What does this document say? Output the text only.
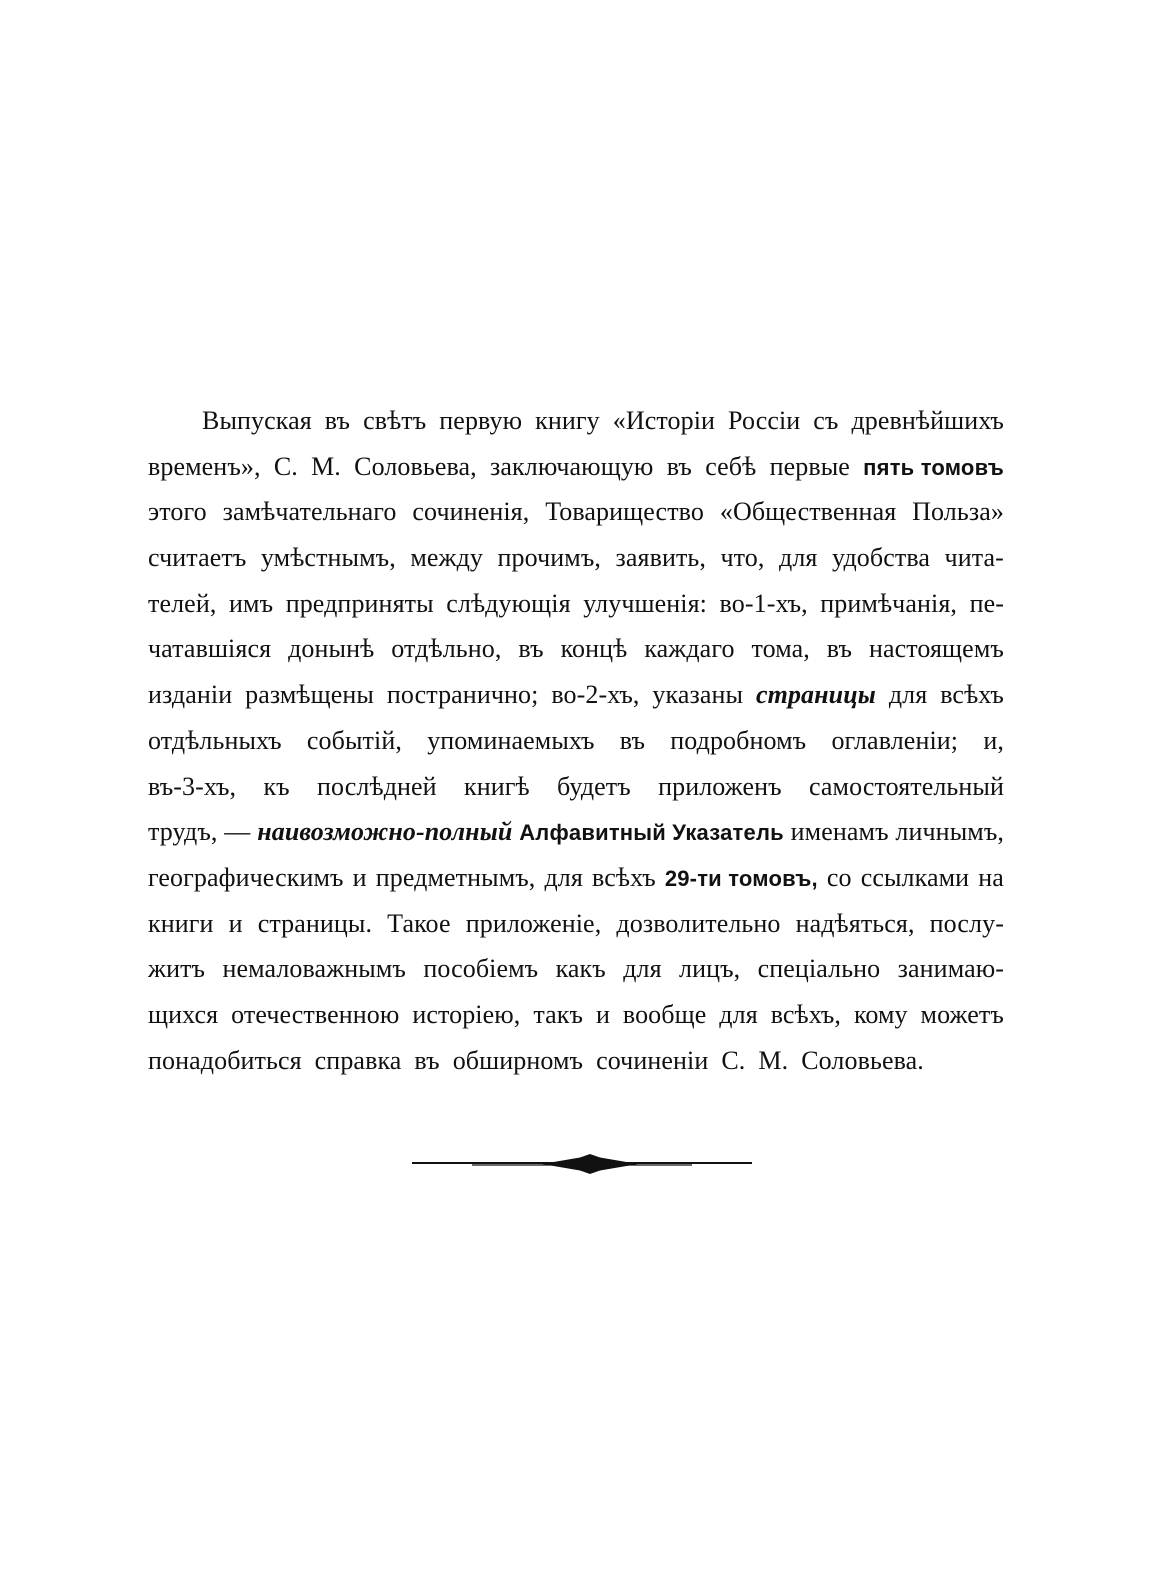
Выпуская въ свѣтъ первую книгу «Исторіи Россіи съ древнѣйшихъ
временъ», С. М. Соловьева, заключающую въ себѣ первые пять томовъ
этого замѣчательнаго сочиненія, Товарищество «Общественная Польза»
считаетъ умѣстнымъ, между прочимъ, заявить, что, для удобства чита-
телей, имъ предприняты слѣдующія улучшенія: во-1-хъ, примѣчанія, пе-
чатавшіяся донынѣ отдѣльно, въ концѣ каждаго тома, въ настоящемъ
изданіи размѣщены постранично; во-2-хъ, указаны страницы для всѣхъ
отдѣльныхъ событій, упоминаемыхъ въ подробномъ оглавленіи; и,
въ-3-хъ, къ послѣдней книгѣ будетъ приложенъ самостоятельный
трудъ, — наивозможно-полный Алфавитный Указатель именамъ личнымъ,
географическимъ и предметнымъ, для всѣхъ 29-ти томовъ, со ссылками на
книги и страницы. Такое приложеніе, дозволительно надѣяться, послу-
житъ немаловажнымъ пособіемъ какъ для лицъ, спеціально занимаю-
щихся отечественною исторіею, такъ и вообще для всѣхъ, кому можетъ
понадобиться справка въ обширномъ сочиненіи С. М. Соловьева.
